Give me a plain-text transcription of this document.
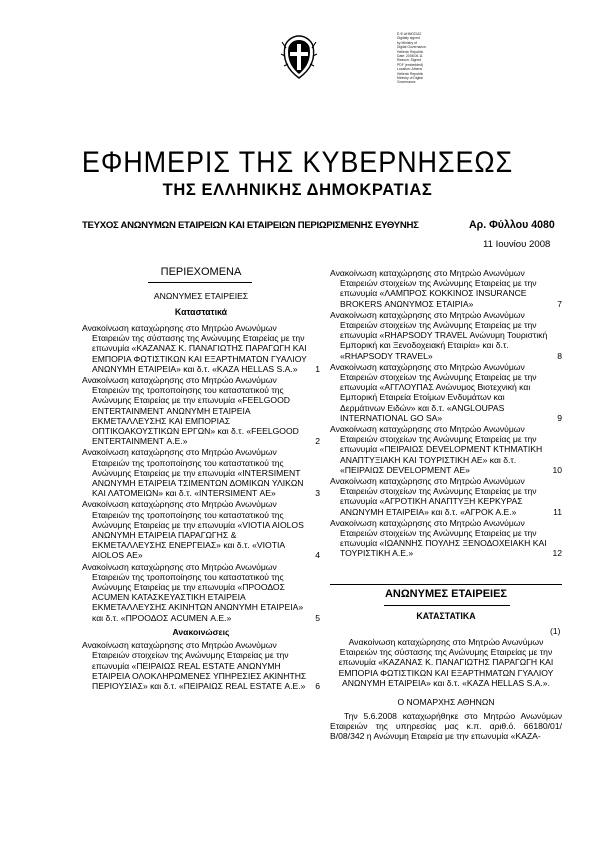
Ε.Φ.ΔΗΜΟΣΙΑΣ
Digitally signed
by Ministry of
Digital Governance,
Hellenic Republic
Date: 2008.06.11
Reason: Signed
PDF (embedded)
Location: Athens
Hellenic Republic
Ministry of Digital
Governance
ΕΦΗΜΕΡΙΣ ΤΗΣ ΚΥΒΕΡΝΗΣΕΩΣ
ΤΗΣ ΕΛΛΗΝΙΚΗΣ ΔΗΜΟΚΡΑΤΙΑΣ
ΤΕΥΧΟΣ ΑΝΩΝΥΜΩΝ ΕΤΑΙΡΕΙΩΝ ΚΑΙ ΕΤΑΙΡΕΙΩΝ ΠΕΡΙΩΡΙΣΜΕΝΗΣ ΕΥΘΥΝΗΣ	Αρ. Φύλλου 4080
11 Ιουνίου 2008
ΠΕΡΙΕΧΟΜΕΝΑ
ΑΝΩΝΥΜΕΣ ΕΤΑΙΡΕΙΕΣ
Καταστατικά
Ανακοίνωση καταχώρησης στο Μητρώο Ανωνύμων Εταιρειών της σύστασης της Ανώνυμης Εταιρείας με την επωνυμία «ΚΑΖΑΝΑΣ Κ. ΠΑΝΑΓΙΩΤΗΣ ΠΑΡΑΓΩΓΗ ΚΑΙ ΕΜΠΟΡΙΑ ΦΩΤΙΣΤΙΚΩΝ ΚΑΙ ΕΞΑΡΤΗΜΑΤΩΝ ΓΥΑΛΙΟΥ ΑΝΩΝΥΜΗ ΕΤΑΙΡΕΙΑ» και δ.τ. «KAZA HELLAS S.A.» 1
Ανακοίνωση καταχώρησης στο Μητρώο Ανωνύμων Εταιρειών της τροποποίησης του καταστατικού της Ανώνυμης Εταιρείας με την επωνυμία «FEELGOOD ENTERTAINMENT ΑΝΩΝΥΜΗ ΕΤΑΙΡΕΙΑ ΕΚΜΕΤΑΛΛΕΥΣΗΣ ΚΑΙ ΕΜΠΟΡΙΑΣ ΟΠΤΙΚΟΑΚΟΥΣΤΙΚΩΝ ΕΡΓΩΝ» και δ.τ. «FEELGOOD ENTERTAINMENT Α.Ε.»	2
Ανακοίνωση καταχώρησης στο Μητρώο Ανωνύμων Εταιρειών της τροποποίησης του καταστατικού της Ανώνυμης Εταιρείας με την επωνυμία «INTERSIMENT ΑΝΩΝΥΜΗ ΕΤΑΙΡΕΙΑ ΤΣΙΜΕΝΤΩΝ ΔΟΜΙΚΩΝ ΥΛΙΚΩΝ ΚΑΙ ΛΑΤΟΜΕΙΩΝ» και δ.τ. «INTERSIMENT ΑΕ»	3
Ανακοίνωση καταχώρησης στο Μητρώο Ανωνύμων Εταιρειών της τροποποίησης του καταστατικού της Ανώνυμης Εταιρείας με την επωνυμία «VIOTIA AIOLOS ΑΝΩΝΥΜΗ ΕΤΑΙΡΕΙΑ ΠΑΡΑΓΩΓΗΣ & ΕΚΜΕΤΑΛΛΕΥΣΗΣ ΕΝΕΡΓΕΙΑΣ» και δ.τ. «VIOTIA AIOLOS ΑΕ»	4
Ανακοίνωση καταχώρησης στο Μητρώο Ανωνύμων Εταιρειών της τροποποίησης του καταστατικού της Ανώνυμης Εταιρείας με την επωνυμία «ΠΡΟΟΔΟΣ ACUMEN ΚΑΤΑΣΚΕΥΑΣΤΙΚΗ ΕΤΑΙΡΕΙΑ ΕΚΜΕΤΑΛΛΕΥΣΗΣ ΑΚΙΝΗΤΩΝ ΑΝΩΝΥΜΗ ΕΤΑΙΡΕΙΑ» και δ.τ. «ΠΡΟΟΔΟΣ ACUMEN Α.Ε.»	5
Ανακοινώσεις
Ανακοίνωση καταχώρησης στο Μητρώο Ανωνύμων Εταιρειών στοιχείων της Ανώνυμης Εταιρείας με την επωνυμία «ΠΕΙΡΑΙΩΣ REAL ESTATE ΑΝΩΝΥΜΗ ΕΤΑΙΡΕΙΑ ΟΛΟΚΛΗΡΩΜΕΝΕΣ ΥΠΗΡΕΣΙΕΣ ΑΚΙΝΗΤΗΣ ΠΕΡΙΟΥΣΙΑΣ» και δ.τ. «ΠΕΙΡΑΙΩΣ REAL ESTATE Α.Ε.» 6
Ανακοίνωση καταχώρησης στο Μητρώο Ανωνύμων Εταιρειών στοιχείων της Ανώνυμης Εταιρείας με την επωνυμία «ΛΑΜΠΡΟΣ ΚΟΚΚΙΝΟΣ INSURANCE BROKERS ΑΝΩΝΥΜΟΣ ΕΤΑΙΡΙΑ»	7
Ανακοίνωση καταχώρησης στο Μητρώο Ανωνύμων Εταιρειών στοιχείων της Ανώνυμης Εταιρείας με την επωνυμία «RHAPSODY TRAVEL Ανώνυμη Τουριστική Εμπορική και Ξενοδοχειακή Εταιρία» και δ.τ. «RHAPSODY TRAVEL»	8
Ανακοίνωση καταχώρησης στο Μητρώο Ανωνύμων Εταιρειών στοιχείων της Ανώνυμης Εταιρείας με την επωνυμία «ΑΓΓΛΟΥΠΑΣ Ανώνυμος Βιοτεχνική και Εμπορική Εταιρεία Ετοίμων Ενδυμάτων και Δερμάτινων Ειδών» και δ.τ. «ANGLOUPAS INTERNATIONAL GO SA»	9
Ανακοίνωση καταχώρησης στο Μητρώο Ανωνύμων Εταιρειών στοιχείων της Ανώνυμης Εταιρείας με την επωνυμία «ΠΕΙΡΑΙΩΣ DEVELOPMENT ΚΤΗΜΑΤΙΚΗ ΑΝΑΠΤΥΞΙΑΚΗ ΚΑΙ ΤΟΥΡΙΣΤΙΚΗ ΑΕ» και δ.τ. «ΠΕΙΡΑΙΩΣ DEVELOPMENT ΑΕ»	10
Ανακοίνωση καταχώρησης στο Μητρώο Ανωνύμων Εταιρειών στοιχείων της Ανώνυμης Εταιρείας με την επωνυμία «ΑΓΡΟΤΙΚΗ ΑΝΑΠΤΥΞΗ ΚΕΡΚΥΡΑΣ ΑΝΩΝΥΜΗ ΕΤΑΙΡΕΙΑ» και δ.τ. «ΑΓΡΟΚ Α.Ε.»	11
Ανακοίνωση καταχώρησης στο Μητρώο Ανωνύμων Εταιρειών στοιχείων της Ανώνυμης Εταιρείας με την επωνυμία «ΙΩΑΝΝΗΣ ΠΟΥΛΗΣ ΞΕΝΟΔΟΧΕΙΑΚΗ ΚΑΙ ΤΟΥΡΙΣΤΙΚΗ Α.Ε.»	12
ΑΝΩΝΥΜΕΣ ΕΤΑΙΡΕΙΕΣ
ΚΑΤΑΣΤΑΤΙΚΑ
(1)
Ανακοίνωση καταχώρησης στο Μητρώο Ανωνύμων Εταιρειών της σύστασης της Ανώνυμης Εταιρείας με την επωνυμία «ΚΑΖΑΝΑΣ Κ. ΠΑΝΑΓΙΩΤΗΣ ΠΑΡΑΓΩΓΗ ΚΑΙ ΕΜΠΟΡΙΑ ΦΩΤΙΣΤΙΚΩΝ ΚΑΙ ΕΞΑΡΤΗΜΑΤΩΝ ΓΥΑΛΙΟΥ ΑΝΩΝΥΜΗ ΕΤΑΙΡΕΙΑ» και δ.τ. «KAZA HELLAS S.A.».
Ο ΝΟΜΑΡΧΗΣ ΑΘΗΝΩΝ
Την 5.6.2008 καταχωρήθηκε στο Μητρώο Ανωνύμων Εταιρειών της υπηρεσίας μας κ.π. αριθ.ό. 66180/01/Β/08/342 η Ανώνυμη Εταιρεία με την επωνυμία «ΚΑΖΑ-
